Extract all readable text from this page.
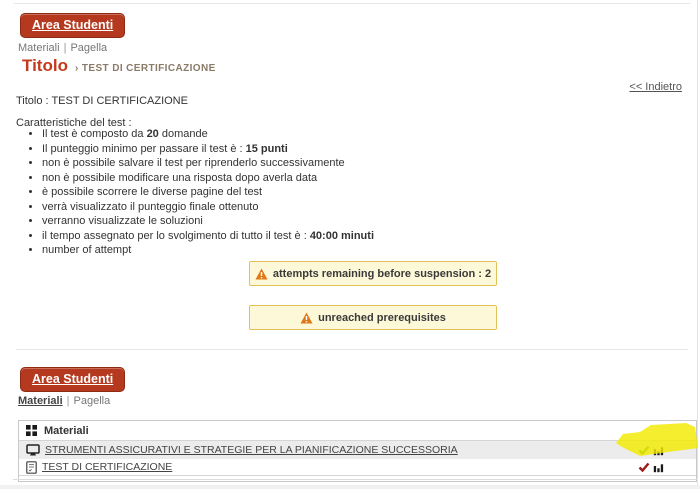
Area Studenti
Materiali | Pagella
Titolo › TEST DI CERTIFICAZIONE
<< Indietro
Titolo : TEST DI CERTIFICAZIONE
Caratteristiche del test :
• Il test è composto da 20 domande
• Il punteggio minimo per passare il test è : 15 punti
• non è possibile salvare il test per riprenderlo successivamente
• non è possibile modificare una risposta dopo averla data
• è possibile scorrere le diverse pagine del test
• verrà visualizzato il punteggio finale ottenuto
• verranno visualizzate le soluzioni
• il tempo assegnato per lo svolgimento di tutto il test è : 40:00 minuti
• number of attempt
attempts remaining before suspension : 2
unreached prerequisites
Area Studenti
Materiali | Pagella
Materiali
STRUMENTI ASSICURATIVI E STRATEGIE PER LA PIANIFICAZIONE SUCCESSORIA
TEST DI CERTIFICAZIONE
